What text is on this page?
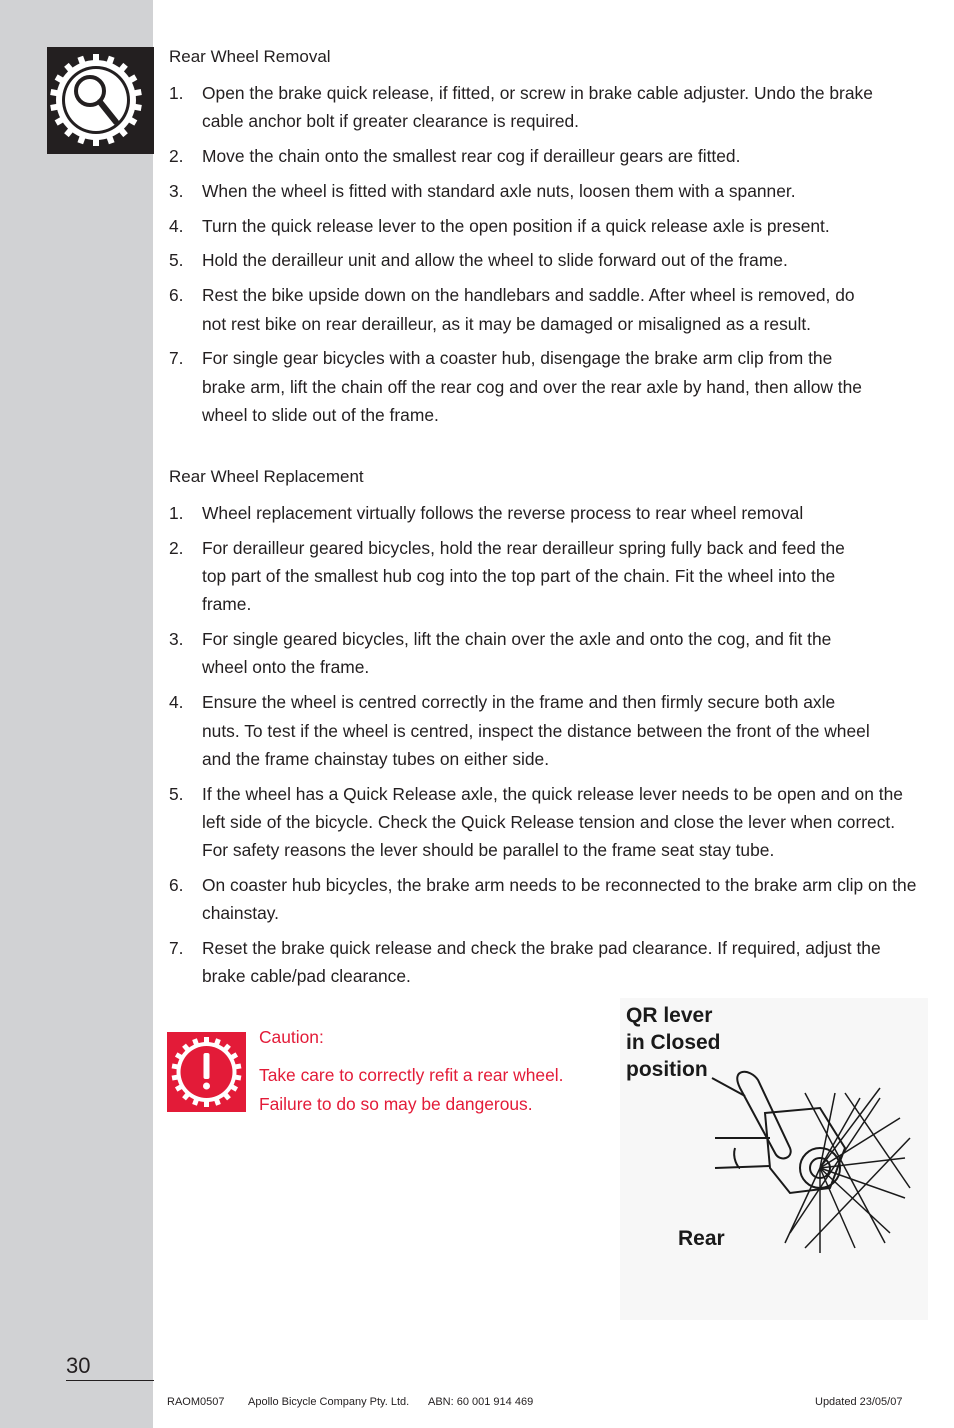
Rear Wheel Removal
1. Open the brake quick release, if fitted, or screw in brake cable adjuster. Undo the brake cable anchor bolt if greater clearance is required.
2. Move the chain onto the smallest rear cog if derailleur gears are fitted.
3. When the wheel is fitted with standard axle nuts, loosen them with a spanner.
4. Turn the quick release lever to the open position if a quick release axle is present.
5. Hold the derailleur unit and allow the wheel to slide forward out of the frame.
6. Rest the bike upside down on the handlebars and saddle. After wheel is removed, do not rest bike on rear derailleur, as it may be damaged or misaligned as a result.
7. For single gear bicycles with a coaster hub, disengage the brake arm clip from the brake arm, lift the chain off the rear cog and over the rear axle by hand, then allow the wheel to slide out of the frame.
Rear Wheel Replacement
1. Wheel replacement virtually follows the reverse process to rear wheel removal
2. For derailleur geared bicycles, hold the rear derailleur spring fully back and feed the top part of the smallest hub cog into the top part of the chain. Fit the wheel into the frame.
3. For single geared bicycles, lift the chain over the axle and onto the cog, and fit the wheel onto the frame.
4. Ensure the wheel is centred correctly in the frame and then firmly secure both axle nuts. To test if the wheel is centred, inspect the distance between the front of the wheel and the frame chainstay tubes on either side.
5. If the wheel has a Quick Release axle, the quick release lever needs to be open and on the left side of the bicycle. Check the Quick Release tension and close the lever when correct. For safety reasons the lever should be parallel to the frame seat stay tube.
6. On coaster hub bicycles, the brake arm needs to be reconnected to the brake arm clip on the chainstay.
7. Reset the brake quick release and check the brake pad clearance. If required, adjust the brake cable/pad clearance.

Caution:

Take care to correctly refit a rear wheel.
Failure to do so may be dangerous.
QR lever
in Closed
position
Rear
30
RAOM0507 Apollo Bicycle Company Pty. Ltd. ABN: 60 001 914 469	Updated 23/05/07
